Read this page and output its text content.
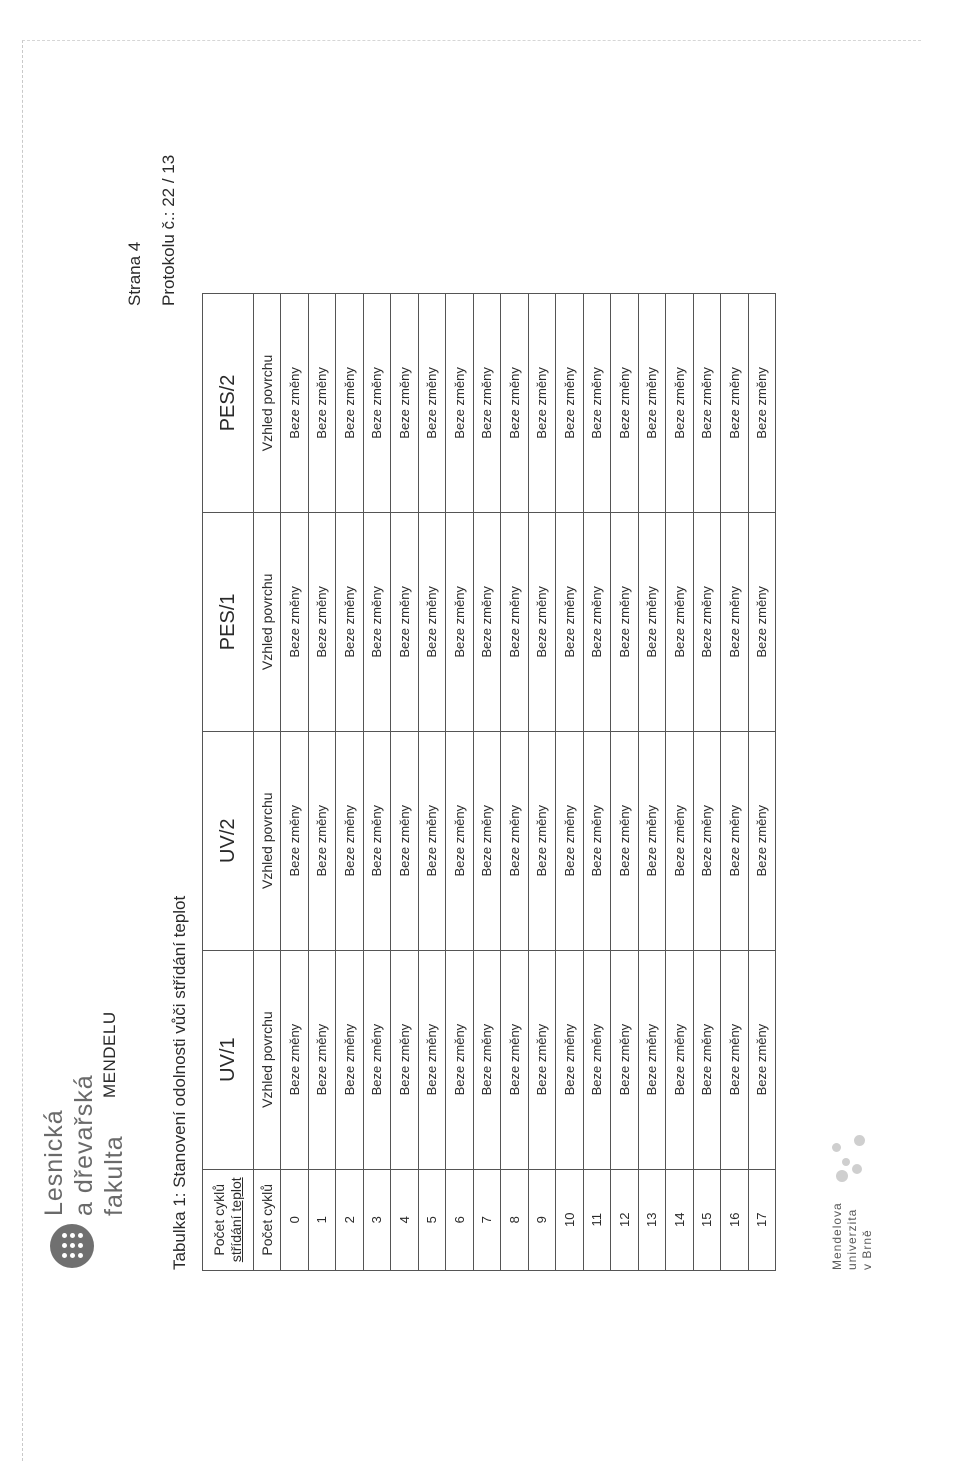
Lesnická a dřevařská fakulta
MENDELU
Strana 4 Protokolu č.: 22 / 13
Tabulka 1: Stanovení odolnosti vůči střídání teplot Počet cyklů střídání teplot	UV/1	UV/2	PES/1	PES/2
Počet cyklů	Vzhled povrchu	Vzhled povrchu	Vzhled povrchu	Vzhled povrchu
0	Beze změny	Beze změny	Beze změny	Beze změny
1	Beze změny	Beze změny	Beze změny	Beze změny
2	Beze změny	Beze změny	Beze změny	Beze změny
3	Beze změny	Beze změny	Beze změny	Beze změny
4	Beze změny	Beze změny	Beze změny	Beze změny
5	Beze změny	Beze změny	Beze změny	Beze změny
6	Beze změny	Beze změny	Beze změny	Beze změny
7	Beze změny	Beze změny	Beze změny	Beze změny
8	Beze změny	Beze změny	Beze změny	Beze změny
9	Beze změny	Beze změny	Beze změny	Beze změny
10	Beze změny	Beze změny	Beze změny	Beze změny
11	Beze změny	Beze změny	Beze změny	Beze změny
12	Beze změny	Beze změny	Beze změny	Beze změny
13	Beze změny	Beze změny	Beze změny	Beze změny
14	Beze změny	Beze změny	Beze změny	Beze změny
15	Beze změny	Beze změny	Beze změny	Beze změny
16	Beze změny	Beze změny	Beze změny	Beze změny
17	Beze změny	Beze změny	Beze změny	Beze změny
Mendelova univerzita v Brně
